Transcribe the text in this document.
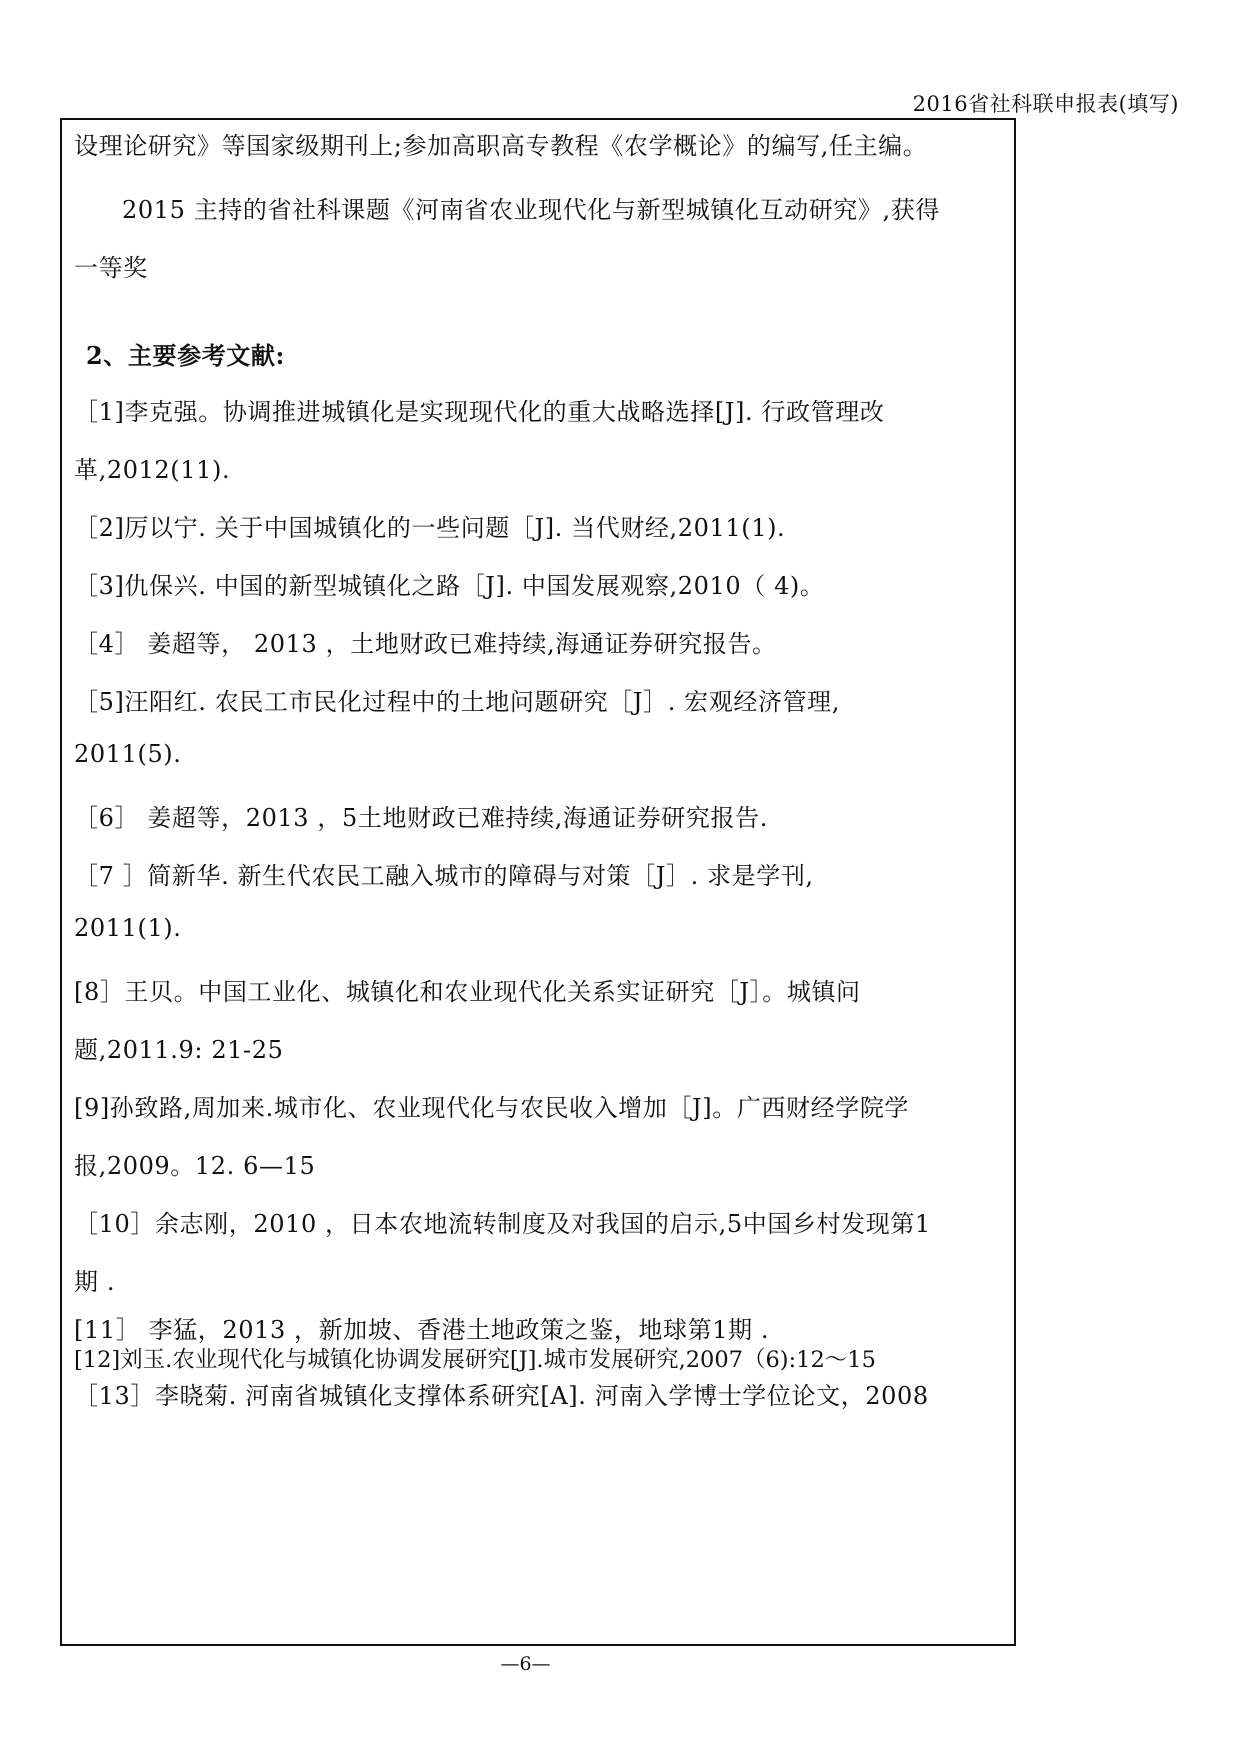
2016省社科联申报表(填写)
设理论研究》等国家级期刊上;参加高职高专教程《农学概论》的编写,任主编。
2015 主持的省社科课题《河南省农业现代化与新型城镇化互动研究》,获得
一等奖
2、主要参考文献:
［1]李克强。协调推进城镇化是实现现代化的重大战略选择[J]. 行政管理改
革,2012(11).
［2]厉以宁. 关于中国城镇化的一些问题［J]. 当代财经,2011(1).
［3]仇保兴. 中国的新型城镇化之路［J]. 中国发展观察,2010（ 4)。
［4］ 姜超等， 2013 ，土地财政已难持续,海通证券研究报告。
［5]汪阳红. 农民工市民化过程中的土地问题研究［J］. 宏观经济管理,
2011(5).
［6］ 姜超等，2013 ，5土地财政已难持续,海通证券研究报告.
［7 ］简新华. 新生代农民工融入城市的障碍与对策［J］. 求是学刊,
2011(1).
[8］王贝。中国工业化、城镇化和农业现代化关系实证研究［J］。城镇问
题,2011.9: 21-25
[9]孙致路,周加来.城市化、农业现代化与农民收入增加［J]。广西财经学院学
报,2009。12. 6—15
［10］余志刚，2010 ，日本农地流转制度及对我国的启示,5中国乡村发现第1
期 .
[11］ 李猛，2013 ，新加坡、香港土地政策之鉴，地球第1期 .
[12]刘玉.农业现代化与城镇化协调发展研究[J].城市发展研究,2007（6):12～15
［13］李晓菊. 河南省城镇化支撑体系研究[A]. 河南入学博士学位论文，2008
—6—
